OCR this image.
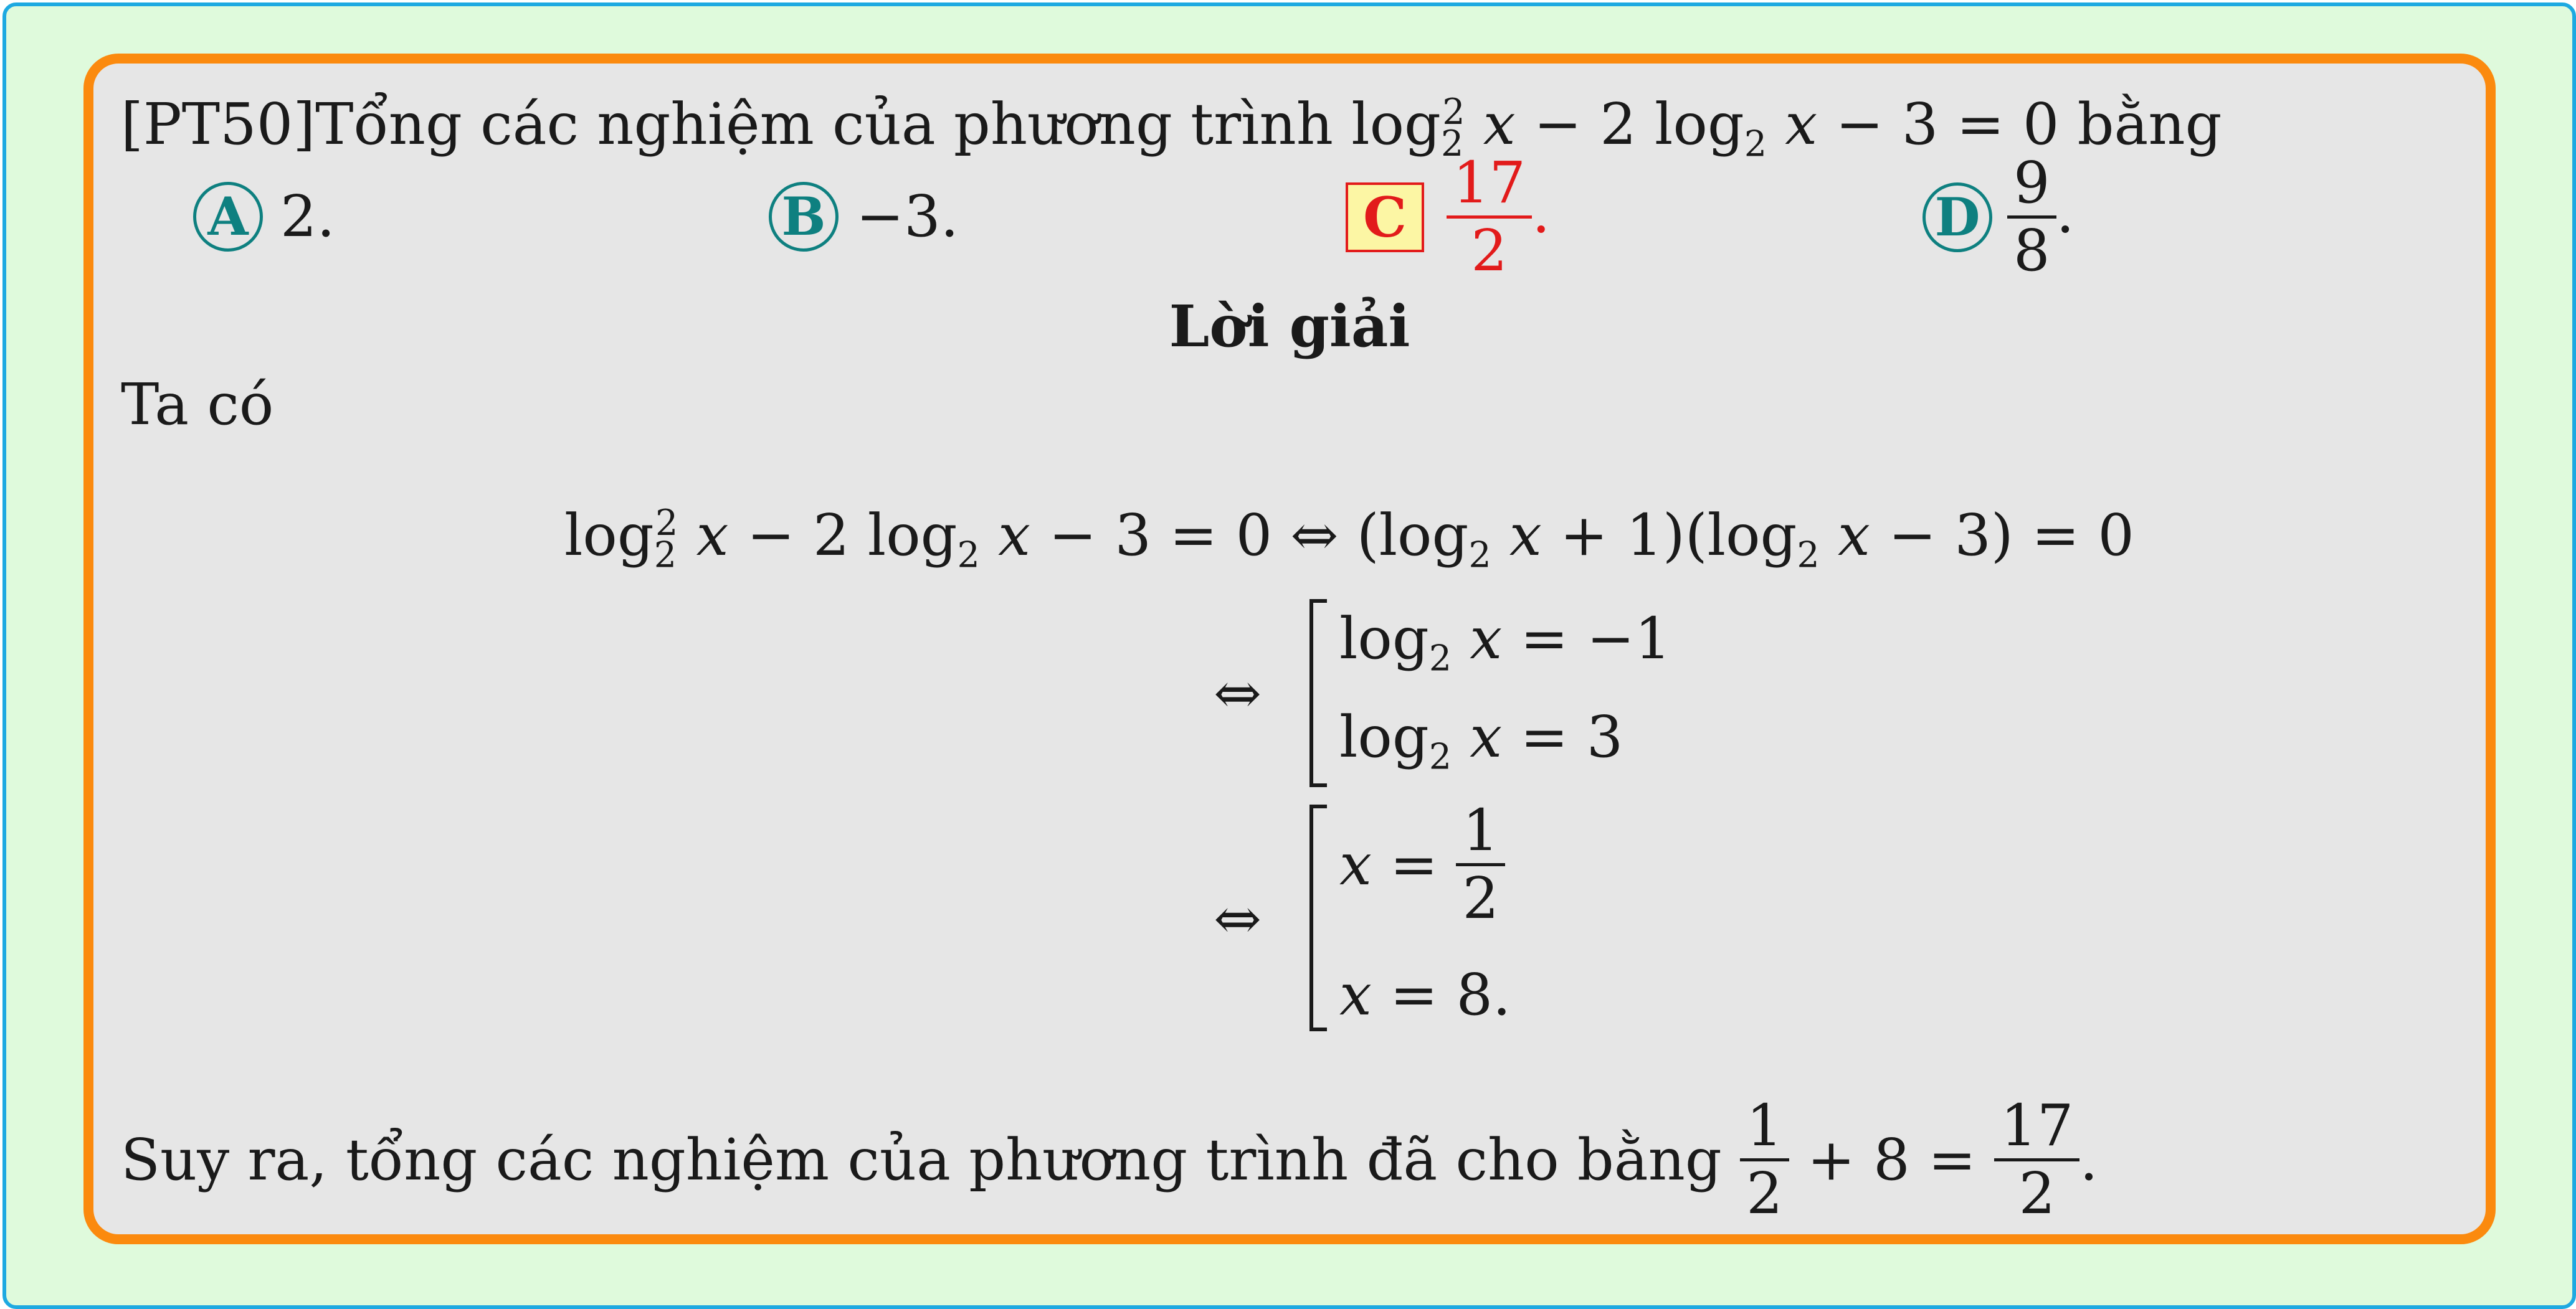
[PT50]Tổng các nghiệm của phương trình $\log_2^2 x - 2$ $\log_2 x - 3 = 0$ bằng
A 2.	B −3.	C $\frac{17}{2}$ .	D $\frac{9}{8}$ .
Lời giải
Ta có
$\log_2^2 x - 2$ $\log_2 x - 3 = 0$ ⇔ ($\log_2$ $x + 1)(\log_2$ x − 3) = 0
⇔
$\log_2 x = -1$
$\log_2 x = 3$
⇔
$x = \frac{1}{2}$
x = 8.
Suy ra, tổng các nghiệm của phương trình đã cho bằng
$\frac{1}{2} + 8 = \frac{17}{2}$ .
